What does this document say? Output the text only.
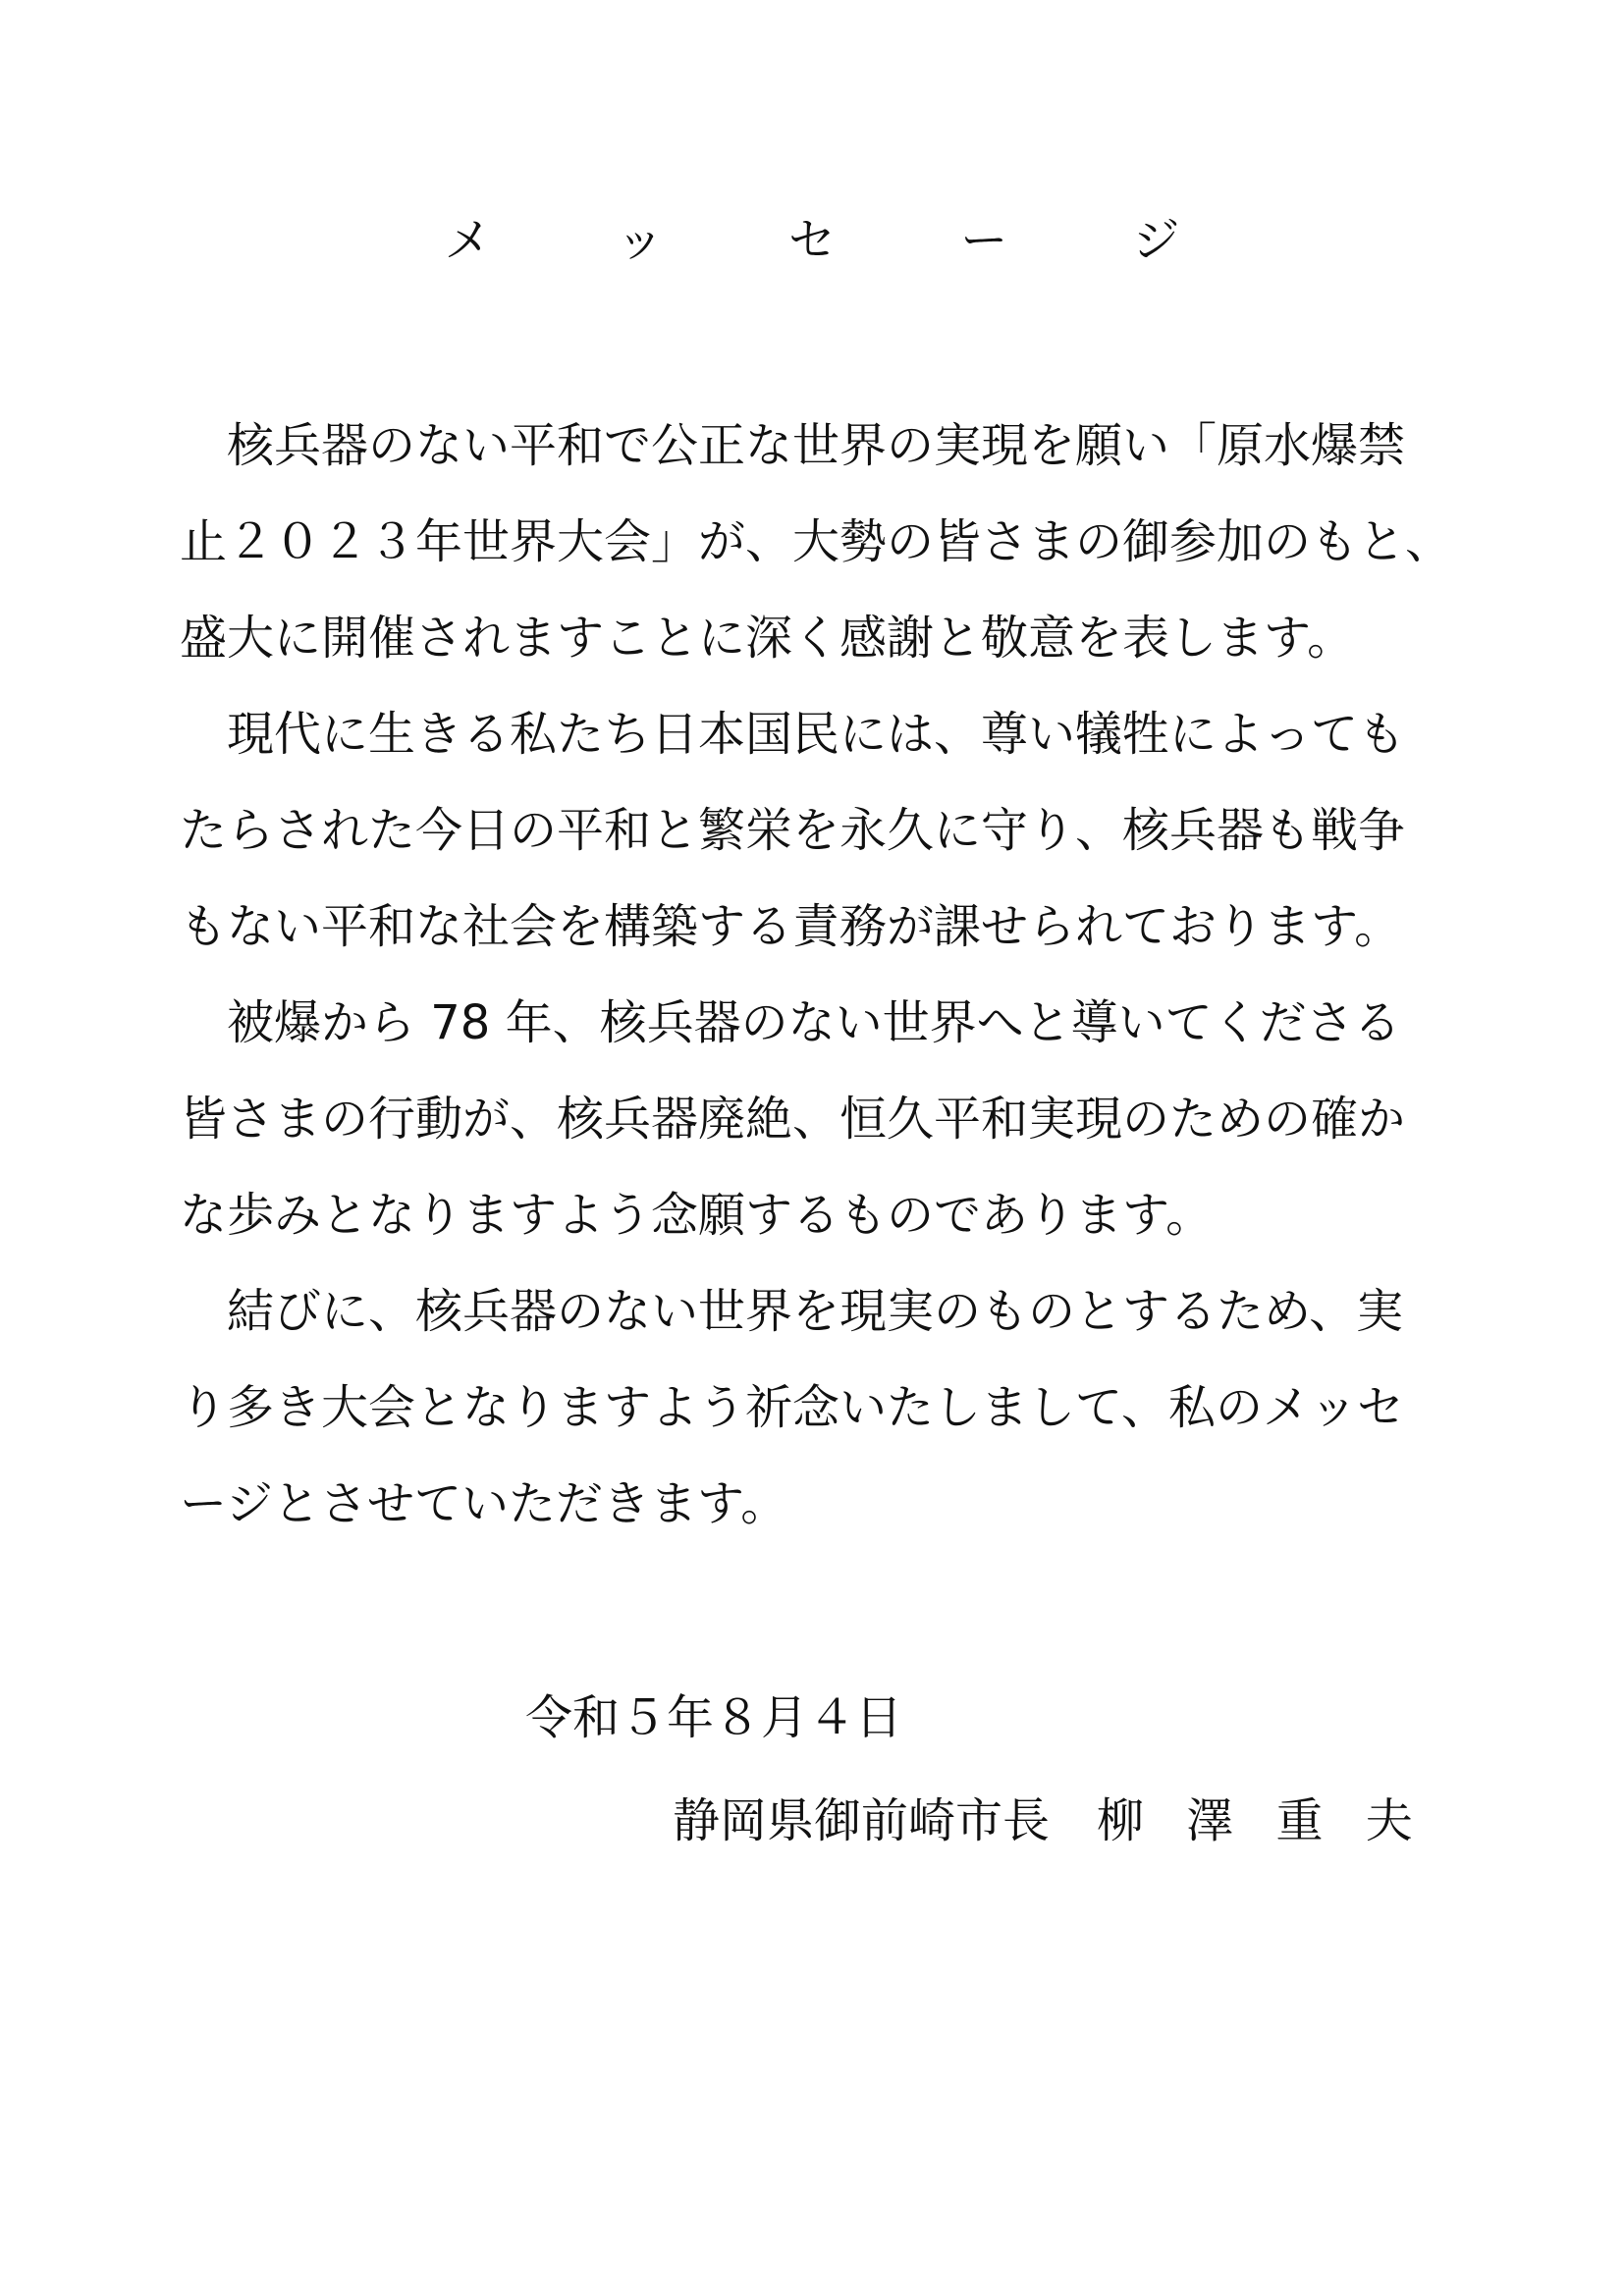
メ ッ セ ー ジ
　核兵器のない平和で公正な世界の実現を願い「原水爆禁
止２０２３年世界大会」が、大勢の皆さまの御参加のもと、
盛大に開催されますことに深く感謝と敬意を表します。
　現代に生きる私たち日本国民には、尊い犠牲によっても
たらされた今日の平和と繁栄を永久に守り、核兵器も戦争
もない平和な社会を構築する責務が課せられております。
　被爆から 78 年、核兵器のない世界へと導いてくださる
皆さまの行動が、核兵器廃絶、恒久平和実現のための確か
な歩みとなりますよう念願するものであります。
　結びに、核兵器のない世界を現実のものとするため、実
り多き大会となりますよう祈念いたしまして、私のメッセ
ージとさせていただきます。
令和５年８月４日
静岡県御前崎市長 柳 澤 重 夫
